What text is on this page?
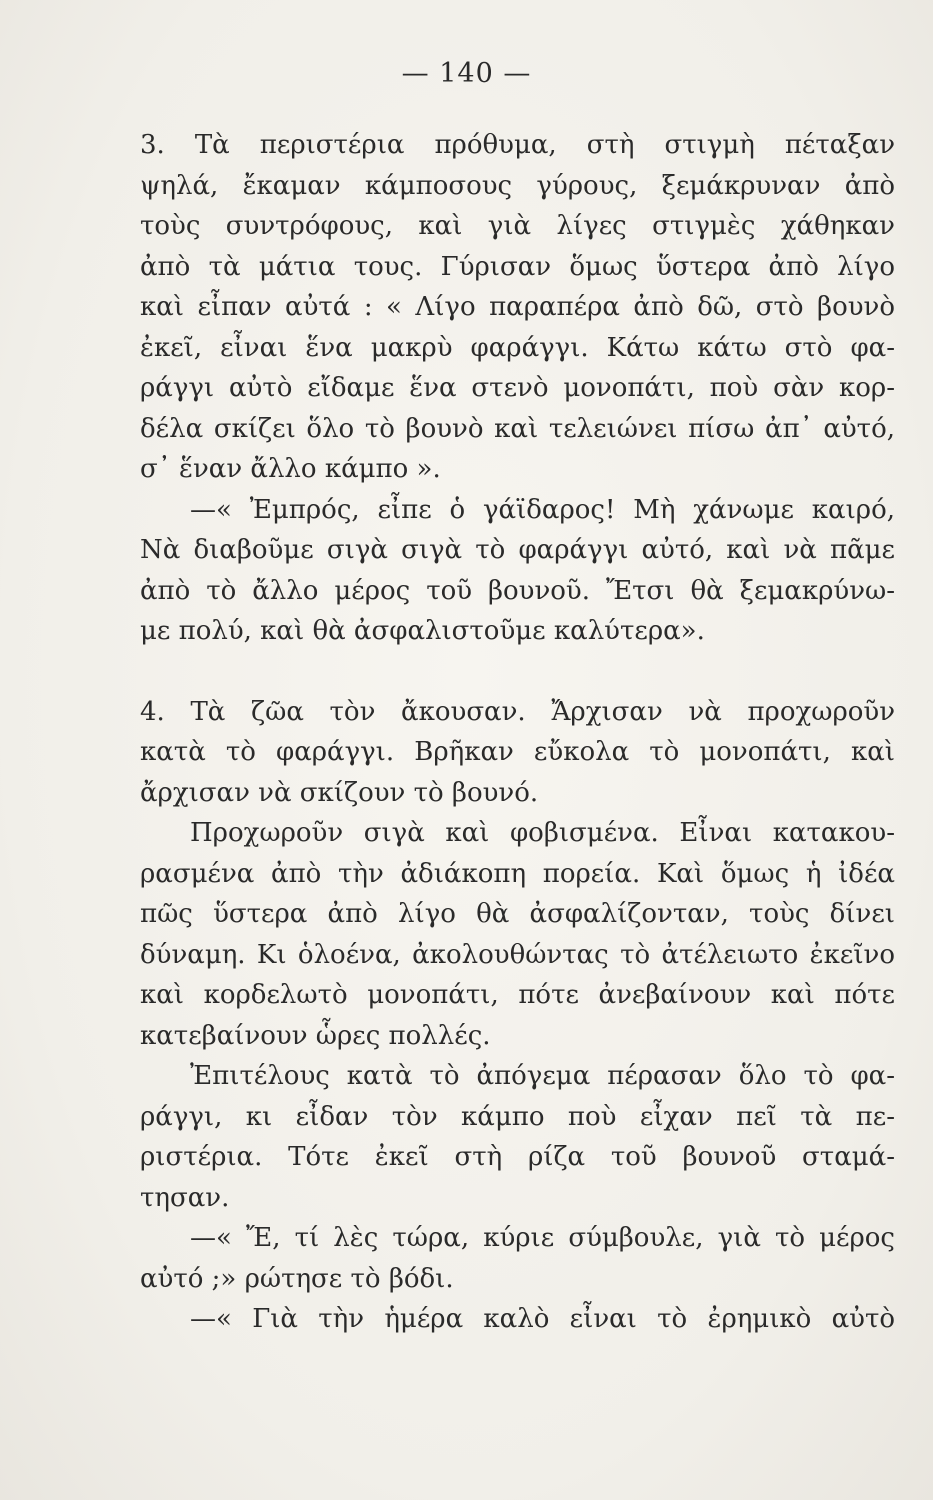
— 140 —
3. Τὰ περιστέρια πρόθυμα, στὴ στιγμὴ πέταξαν
ψηλά, ἔκαμαν κάμποσους γύρους, ξεμάκρυναν ἀπὸ
τοὺς συντρόφους, καὶ γιὰ λίγες στιγμὲς χάθηκαν
ἀπὸ τὰ μάτια τους. Γύρισαν ὅμως ὕστερα ἀπὸ λίγο
καὶ εἶπαν αὐτά : « Λίγο παραπέρα ἀπὸ δῶ, στὸ βουνὸ
ἐκεῖ, εἶναι ἕνα μακρὺ φαράγγι. Κάτω κάτω στὸ φα-
ράγγι αὐτὸ εἴδαμε ἕνα στενὸ μονοπάτι, ποὺ σὰν κορ-
δέλα σκίζει ὅλο τὸ βουνὸ καὶ τελειώνει πίσω ἀπ᾿ αὐτό,
σ᾿ ἕναν ἄλλο κάμπο ».
—« Ἐμπρός, εἶπε ὁ γάϊδαρος! Μὴ χάνωμε καιρό,
Νὰ διαβοῦμε σιγὰ σιγὰ τὸ φαράγγι αὐτό, καὶ νὰ πᾶμε
ἀπὸ τὸ ἄλλο μέρος τοῦ βουνοῦ. Ἔτσι θὰ ξεμακρύνω-
με πολύ, καὶ θὰ ἀσφαλιστοῦμε καλύτερα».
4. Τὰ ζῶα τὸν ἄκουσαν. Ἄρχισαν νὰ προχωροῦν
κατὰ τὸ φαράγγι. Βρῆκαν εὔκολα τὸ μονοπάτι, καὶ
ἄρχισαν νὰ σκίζουν τὸ βουνό.
Προχωροῦν σιγὰ καὶ φοβισμένα. Εἶναι κατακου-
ρασμένα ἀπὸ τὴν ἀδιάκοπη πορεία. Καὶ ὅμως ἡ ἰδέα
πῶς ὕστερα ἀπὸ λίγο θὰ ἀσφαλίζονταν, τοὺς δίνει
δύναμη. Κι ὁλοένα, ἀκολουθώντας τὸ ἀτέλειωτο ἐκεῖνο
καὶ κορδελωτὸ μονοπάτι, πότε ἀνεβαίνουν καὶ πότε
κατεβαίνουν ὧρες πολλές.
Ἐπιτέλους κατὰ τὸ ἀπόγεμα πέρασαν ὅλο τὸ φα-
ράγγι, κι εἶδαν τὸν κάμπο ποὺ εἶχαν πεῖ τὰ πε-
ριστέρια. Τότε ἐκεῖ στὴ ρίζα τοῦ βουνοῦ σταμά-
τησαν.
—« Ἔ, τί λὲς τώρα, κύριε σύμβουλε, γιὰ τὸ μέρος
αὐτό ;» ρώτησε τὸ βόδι.
—« Γιὰ τὴν ἡμέρα καλὸ εἶναι τὸ ἐρημικὸ αὐτὸ
